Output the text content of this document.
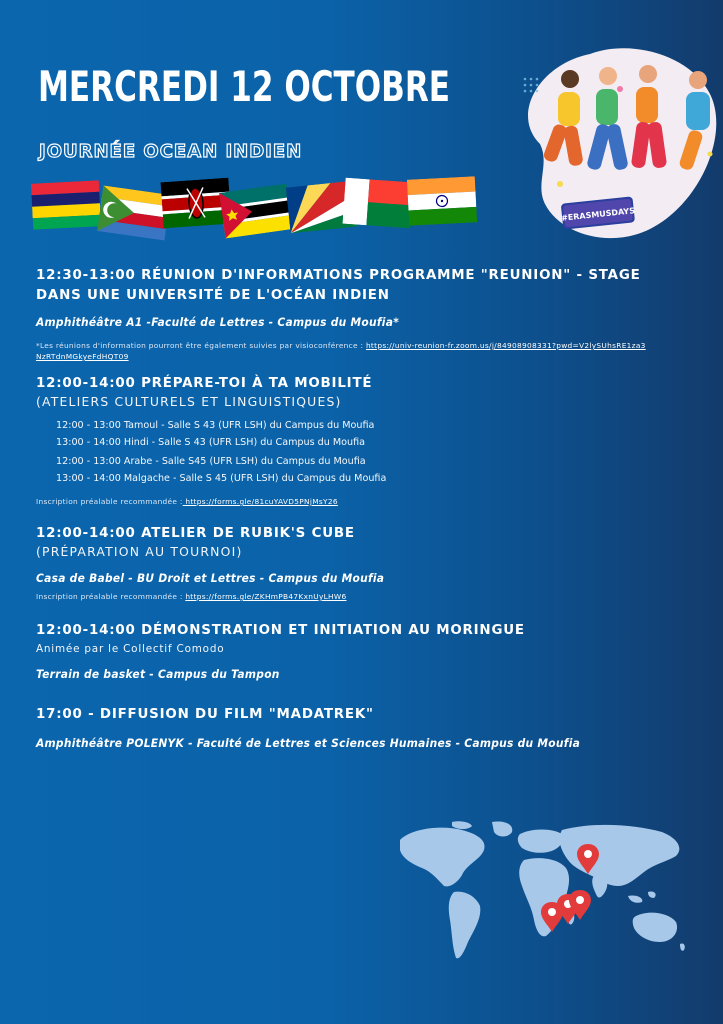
MERCREDI 12 OCTOBRE
JOURNÉE OCEAN INDIEN
#ERASMUSDAYS

12:30-13:00 RÉUNION D'INFORMATIONS PROGRAMME "REUNION" - STAGE

DANS UNE UNIVERSITÉ DE L'OCÉAN INDIEN

Amphithéâtre A1 -Faculté de Lettres - Campus du Moufia*

*Les réunions d'information pourront être également suivies par visioconférence : https://univ-reunion-fr.zoom.us/j/84908908331?pwd=V2lySUhsRE1za3NzRTdnMGkyeFdHQT09

12:00-14:00 PRÉPARE-TOI À TA MOBILITÉ

(ATELIERS CULTURELS ET LINGUISTIQUES)

12:00 - 13:00 Tamoul - Salle S 43 (UFR LSH) du Campus du Moufia

13:00 - 14:00 Hindi - Salle S 43 (UFR LSH) du Campus du Moufia

12:00 - 13:00 Arabe - Salle S45 (UFR LSH) du Campus du Moufia

13:00 - 14:00 Malgache - Salle S 45 (UFR LSH) du Campus du Moufia

Inscription préalable recommandée : https://forms.gle/81cuYAVD5PNjMsY26

12:00-14:00 ATELIER DE RUBIK'S CUBE

(PRÉPARATION AU TOURNOI)

Casa de Babel - BU Droit et Lettres - Campus du Moufia

Inscription préalable recommandée : https://forms.gle/ZKHmPB47KxnUyLHW6

12:00-14:00 DÉMONSTRATION ET INITIATION AU MORINGUE

Animée par le Collectif Comodo

Terrain de basket - Campus du Tampon

17:00 - DIFFUSION DU FILM "MADATREK"

Amphithéâtre POLENYK - Faculté de Lettres et Sciences Humaines - Campus du Moufia
